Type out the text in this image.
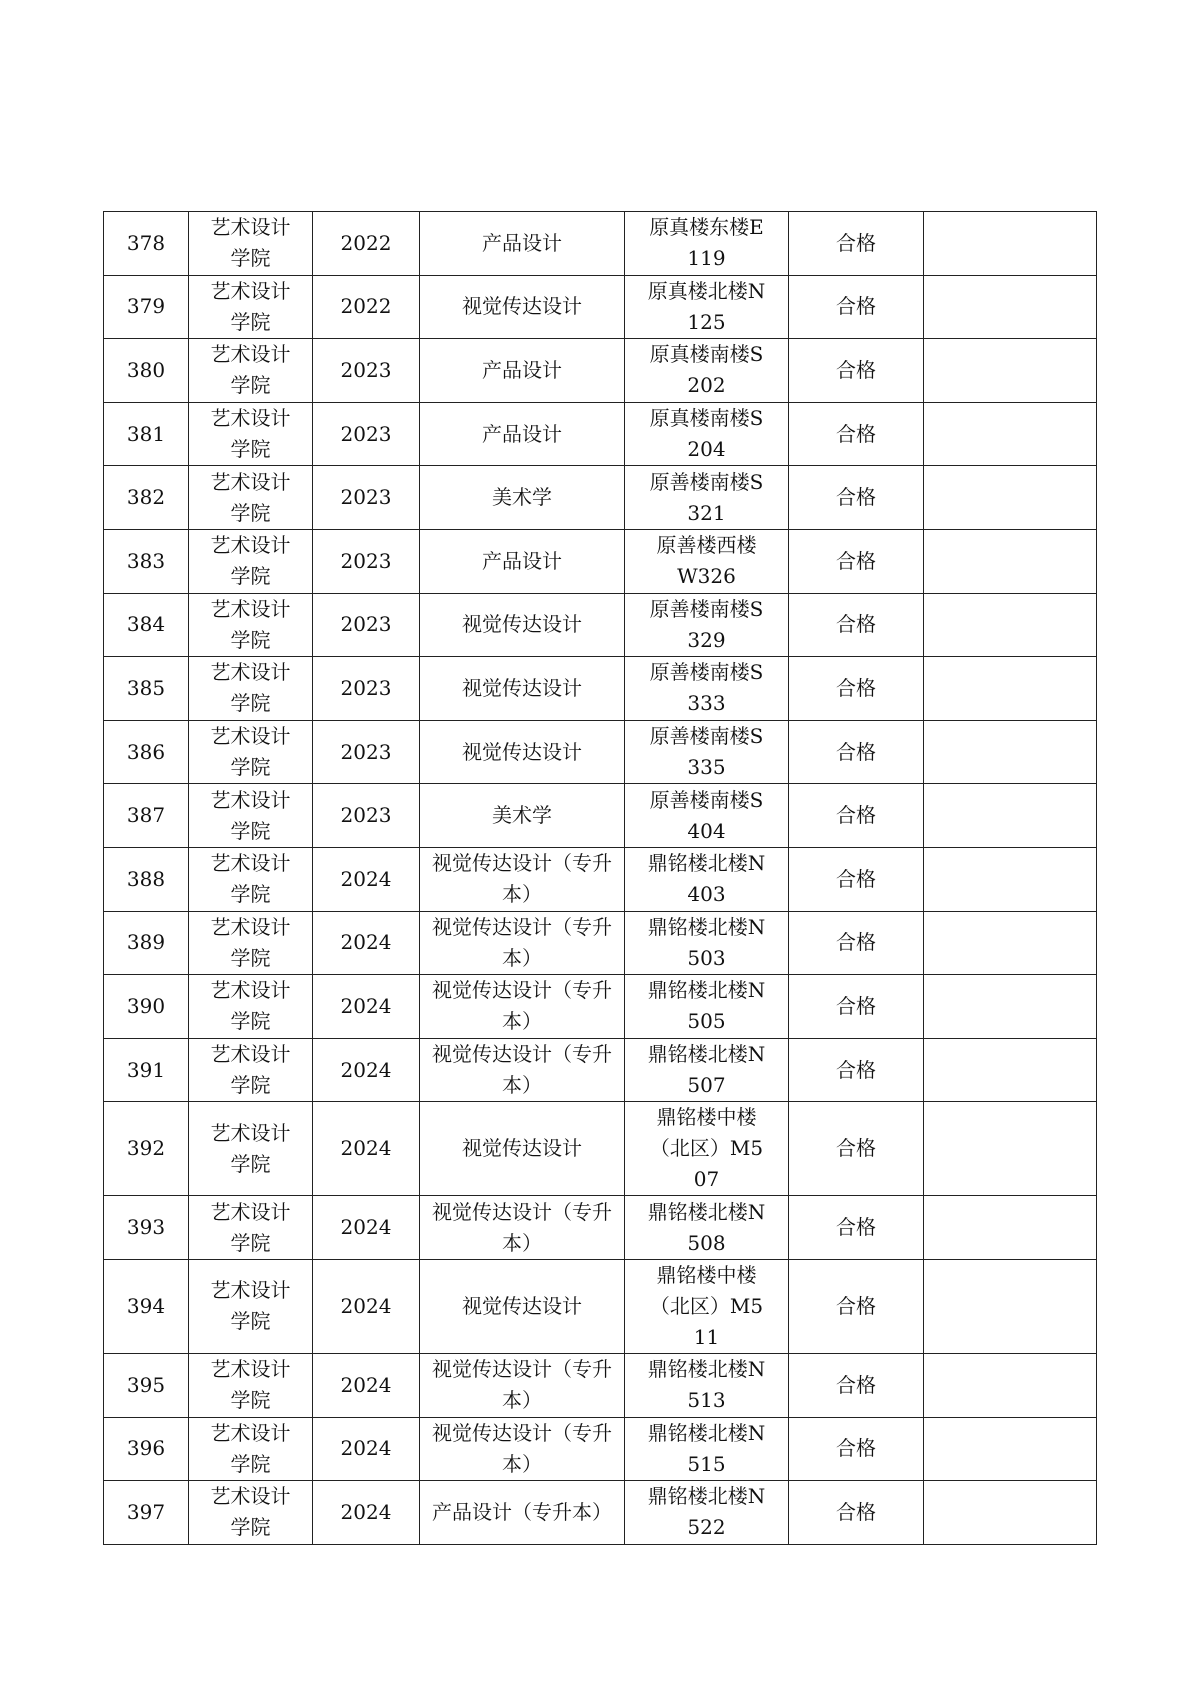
378	艺术设计学院	2022	产品设计	原真楼东楼E119	合格	

379	艺术设计学院	2022	视觉传达设计	原真楼北楼N125	合格	

380	艺术设计学院	2023	产品设计	原真楼南楼S202	合格	

381	艺术设计学院	2023	产品设计	原真楼南楼S204	合格	

382	艺术设计学院	2023	美术学	原善楼南楼S321	合格	

383	艺术设计学院	2023	产品设计	原善楼西楼W326	合格	

384	艺术设计学院	2023	视觉传达设计	原善楼南楼S329	合格	

385	艺术设计学院	2023	视觉传达设计	原善楼南楼S333	合格	

386	艺术设计学院	2023	视觉传达设计	原善楼南楼S335	合格	

387	艺术设计学院	2023	美术学	原善楼南楼S404	合格	

388	艺术设计学院	2024	视觉传达设计（专升本）	鼎铭楼北楼N403	合格	

389	艺术设计学院	2024	视觉传达设计（专升本）	鼎铭楼北楼N503	合格	

390	艺术设计学院	2024	视觉传达设计（专升本）	鼎铭楼北楼N505	合格	

391	艺术设计学院	2024	视觉传达设计（专升本）	鼎铭楼北楼N507	合格	

392	艺术设计学院	2024	视觉传达设计	鼎铭楼中楼（北区）M507	合格	

393	艺术设计学院	2024	视觉传达设计（专升本）	鼎铭楼北楼N508	合格	

394	艺术设计学院	2024	视觉传达设计	鼎铭楼中楼（北区）M511	合格	

395	艺术设计学院	2024	视觉传达设计（专升本）	鼎铭楼北楼N513	合格	

396	艺术设计学院	2024	视觉传达设计（专升本）	鼎铭楼北楼N515	合格	

397	艺术设计学院	2024	产品设计（专升本）	鼎铭楼北楼N522	合格	
